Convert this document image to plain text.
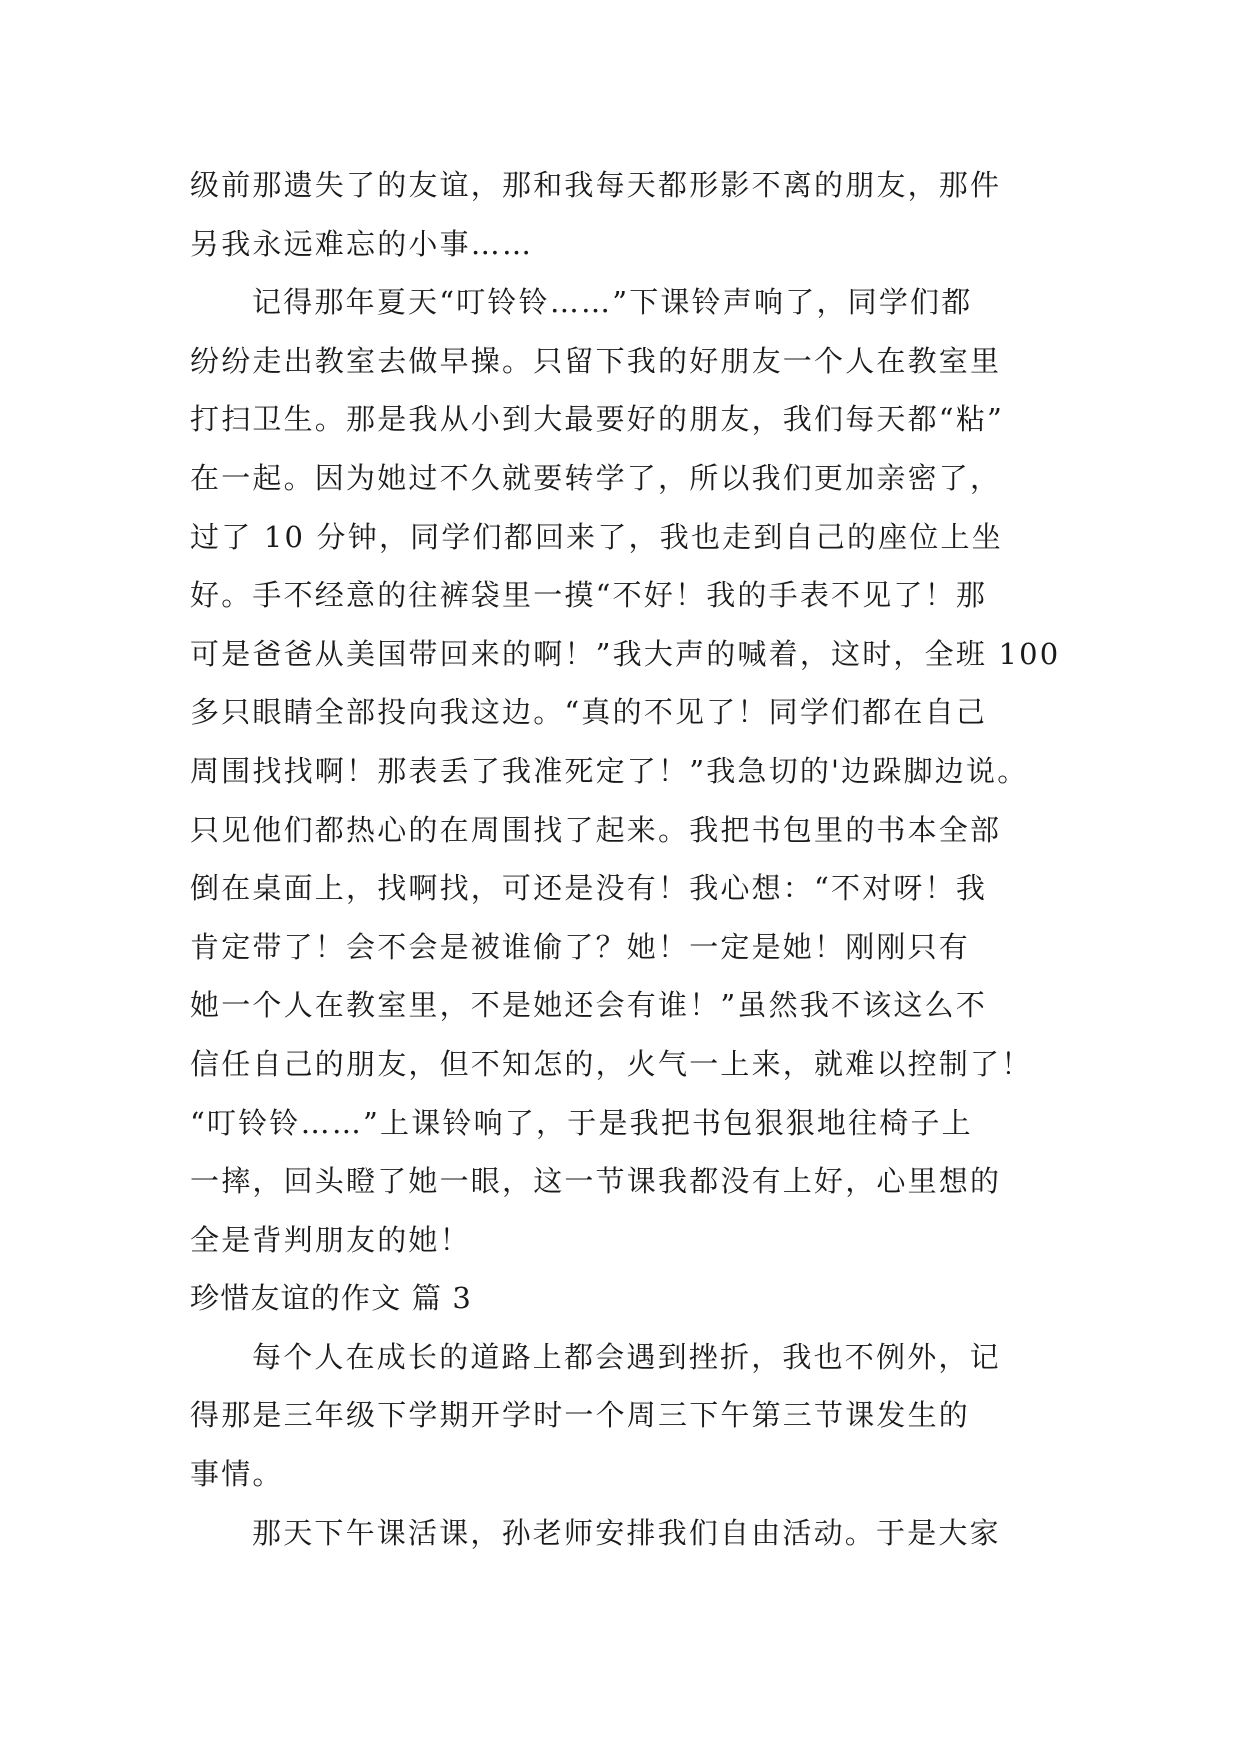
级前那遗失了的友谊，那和我每天都形影不离的朋友，那件
另我永远难忘的小事……
记得那年夏天“叮铃铃……”下课铃声响了，同学们都
纷纷走出教室去做早操。只留下我的好朋友一个人在教室里
打扫卫生。那是我从小到大最要好的朋友，我们每天都“粘”
在一起。因为她过不久就要转学了，所以我们更加亲密了，
过了 10 分钟，同学们都回来了，我也走到自己的座位上坐
好。手不经意的往裤袋里一摸“不好！我的手表不见了！那
可是爸爸从美国带回来的啊！”我大声的喊着，这时，全班 100
多只眼睛全部投向我这边。“真的不见了！同学们都在自己
周围找找啊！那表丢了我准死定了！”我急切的'边跺脚边说。
只见他们都热心的在周围找了起来。我把书包里的书本全部
倒在桌面上，找啊找，可还是没有！我心想：“不对呀！我
肯定带了！会不会是被谁偷了？她！一定是她！刚刚只有
她一个人在教室里，不是她还会有谁！”虽然我不该这么不
信任自己的朋友，但不知怎的，火气一上来，就难以控制了！
“叮铃铃……”上课铃响了，于是我把书包狠狠地往椅子上
一摔，回头瞪了她一眼，这一节课我都没有上好，心里想的
全是背判朋友的她！
珍惜友谊的作文 篇 3
每个人在成长的道路上都会遇到挫折，我也不例外，记
得那是三年级下学期开学时一个周三下午第三节课发生的
事情。
那天下午课活课，孙老师安排我们自由活动。于是大家
